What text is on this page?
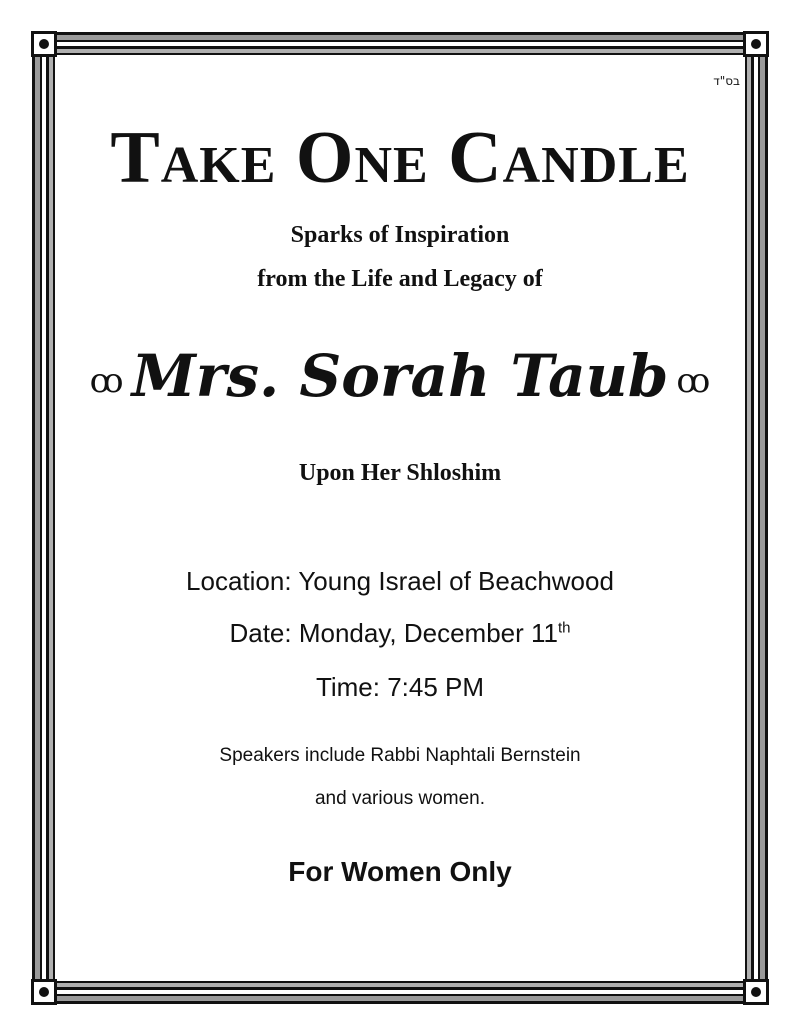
בס"ד
Take One Candle
Sparks of Inspiration
from the Life and Legacy of
ꝏ Mrs. Sorah Taub ꝏ
Upon Her Shloshim
Location: Young Israel of Beachwood
Date: Monday, December 11th
Time: 7:45 PM
Speakers include Rabbi Naphtali Bernstein
and various women.
For Women Only
